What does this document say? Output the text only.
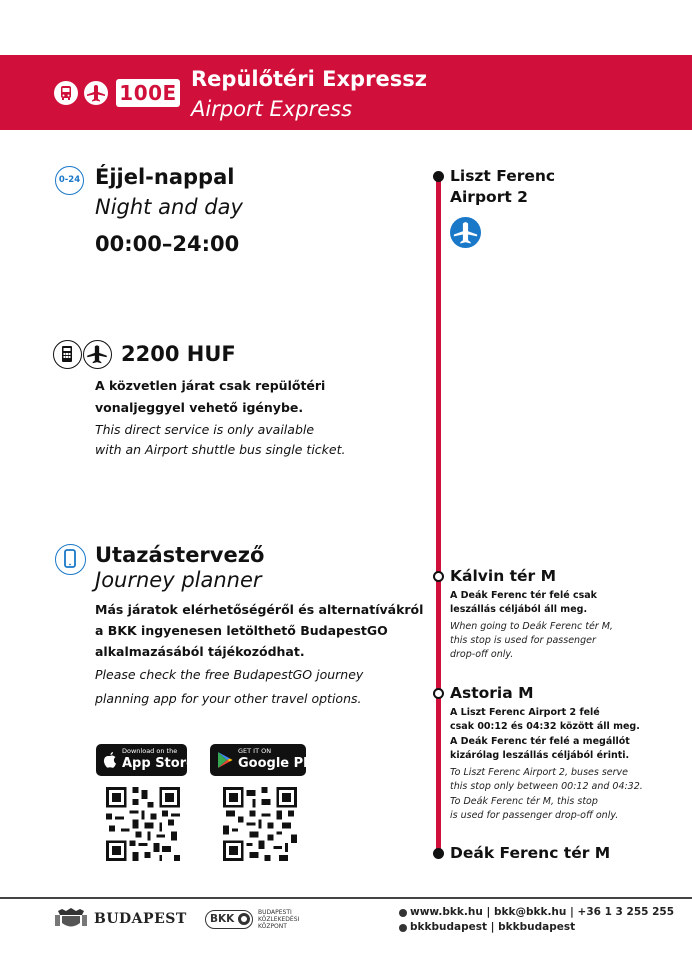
100E
Repülőtéri Expressz
Airport Express
0-24 Éjjel-nappal
Night and day
00:00–24:00
2200 HUF
A közvetlen járat csak repülőtéri
vonaljeggyel vehető igénybe.
This direct service is only available
with an Airport shuttle bus single ticket.
Utazástervező
Journey planner
Más járatok elérhetőségéről és alternatívákról
a BKK ingyenesen letölthető BudapestGO
alkalmazásából tájékozódhat.
Please check the free BudapestGO journey
planning app for your other travel options.
Download on the
App Store
GET IT ON
Google Play
Liszt Ferenc
Airport 2
Kálvin tér M
A Deák Ferenc tér felé csak
leszállás céljából áll meg.
When going to Deák Ferenc tér M,
this stop is used for passenger
drop-off only.
Astoria M
A Liszt Ferenc Airport 2 felé
csak 00:12 és 04:32 között áll meg.
A Deák Ferenc tér felé a megállót
kizárólag leszállás céljából érinti.
To Liszt Ferenc Airport 2, buses serve
this stop only between 00:12 and 04:32.
To Deák Ferenc tér M, this stop
is used for passenger drop-off only.
Deák Ferenc tér M
BUDAPEST BKK
BUDAPESTI
KÖZLEKEDÉSI
KÖZPONT
www.bkk.hu | bkk@bkk.hu | +36 1 3 255 255
bkkbudapest | bkkbudapest
